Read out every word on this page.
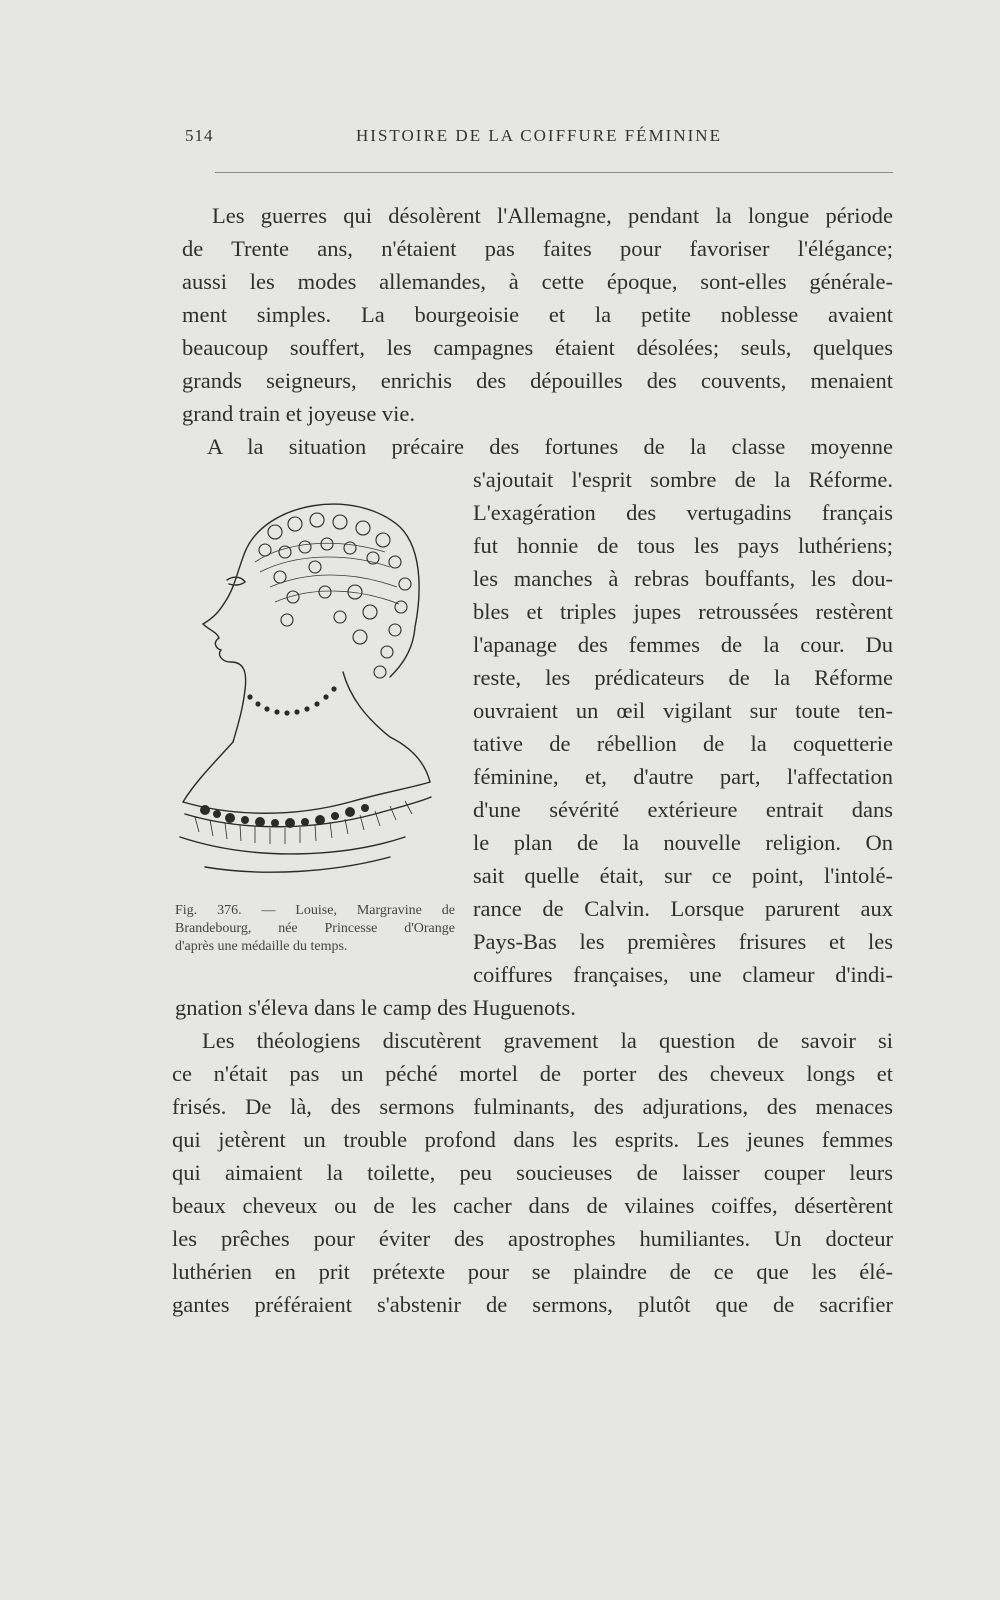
514	HISTOIRE DE LA COIFFURE FÉMININE
Les guerres qui désolèrent l'Allemagne, pendant la longue période
de Trente ans, n'étaient pas faites pour favoriser l'élégance;
aussi les modes allemandes, à cette époque, sont-elles générale-
ment simples. La bourgeoisie et la petite noblesse avaient
beaucoup souffert, les campagnes étaient désolées; seuls, quelques
grands seigneurs, enrichis des dépouilles des couvents, menaient
grand train et joyeuse vie.
A la situation précaire des fortunes de la classe moyenne
s'ajoutait l'esprit sombre de la Réforme.
L'exagération des vertugadins français
fut honnie de tous les pays luthériens;
les manches à rebras bouffants, les dou-
bles et triples jupes retroussées restèrent
l'apanage des femmes de la cour. Du
reste, les prédicateurs de la Réforme
ouvraient un œil vigilant sur toute ten-
tative de rébellion de la coquetterie
féminine, et, d'autre part, l'affectation
d'une sévérité extérieure entrait dans
le plan de la nouvelle religion. On
sait quelle était, sur ce point, l'intolé-
rance de Calvin. Lorsque parurent aux
Pays-Bas les premières frisures et les
coiffures françaises, une clameur d'indi-
gnation s'éleva dans le camp des Huguenots.
Les théologiens discutèrent gravement la question de savoir si
ce n'était pas un péché mortel de porter des cheveux longs et
frisés. De là, des sermons fulminants, des adjurations, des menaces
qui jetèrent un trouble profond dans les esprits. Les jeunes femmes
qui aimaient la toilette, peu soucieuses de laisser couper leurs
beaux cheveux ou de les cacher dans de vilaines coiffes, désertèrent
les prêches pour éviter des apostrophes humiliantes. Un docteur
luthérien en prit prétexte pour se plaindre de ce que les élé-
gantes préféraient s'abstenir de sermons, plutôt que de sacrifier
Fig. 376. — Louise, Margravine de
Brandebourg, née Princesse d'Orange
d'après une médaille du temps.
